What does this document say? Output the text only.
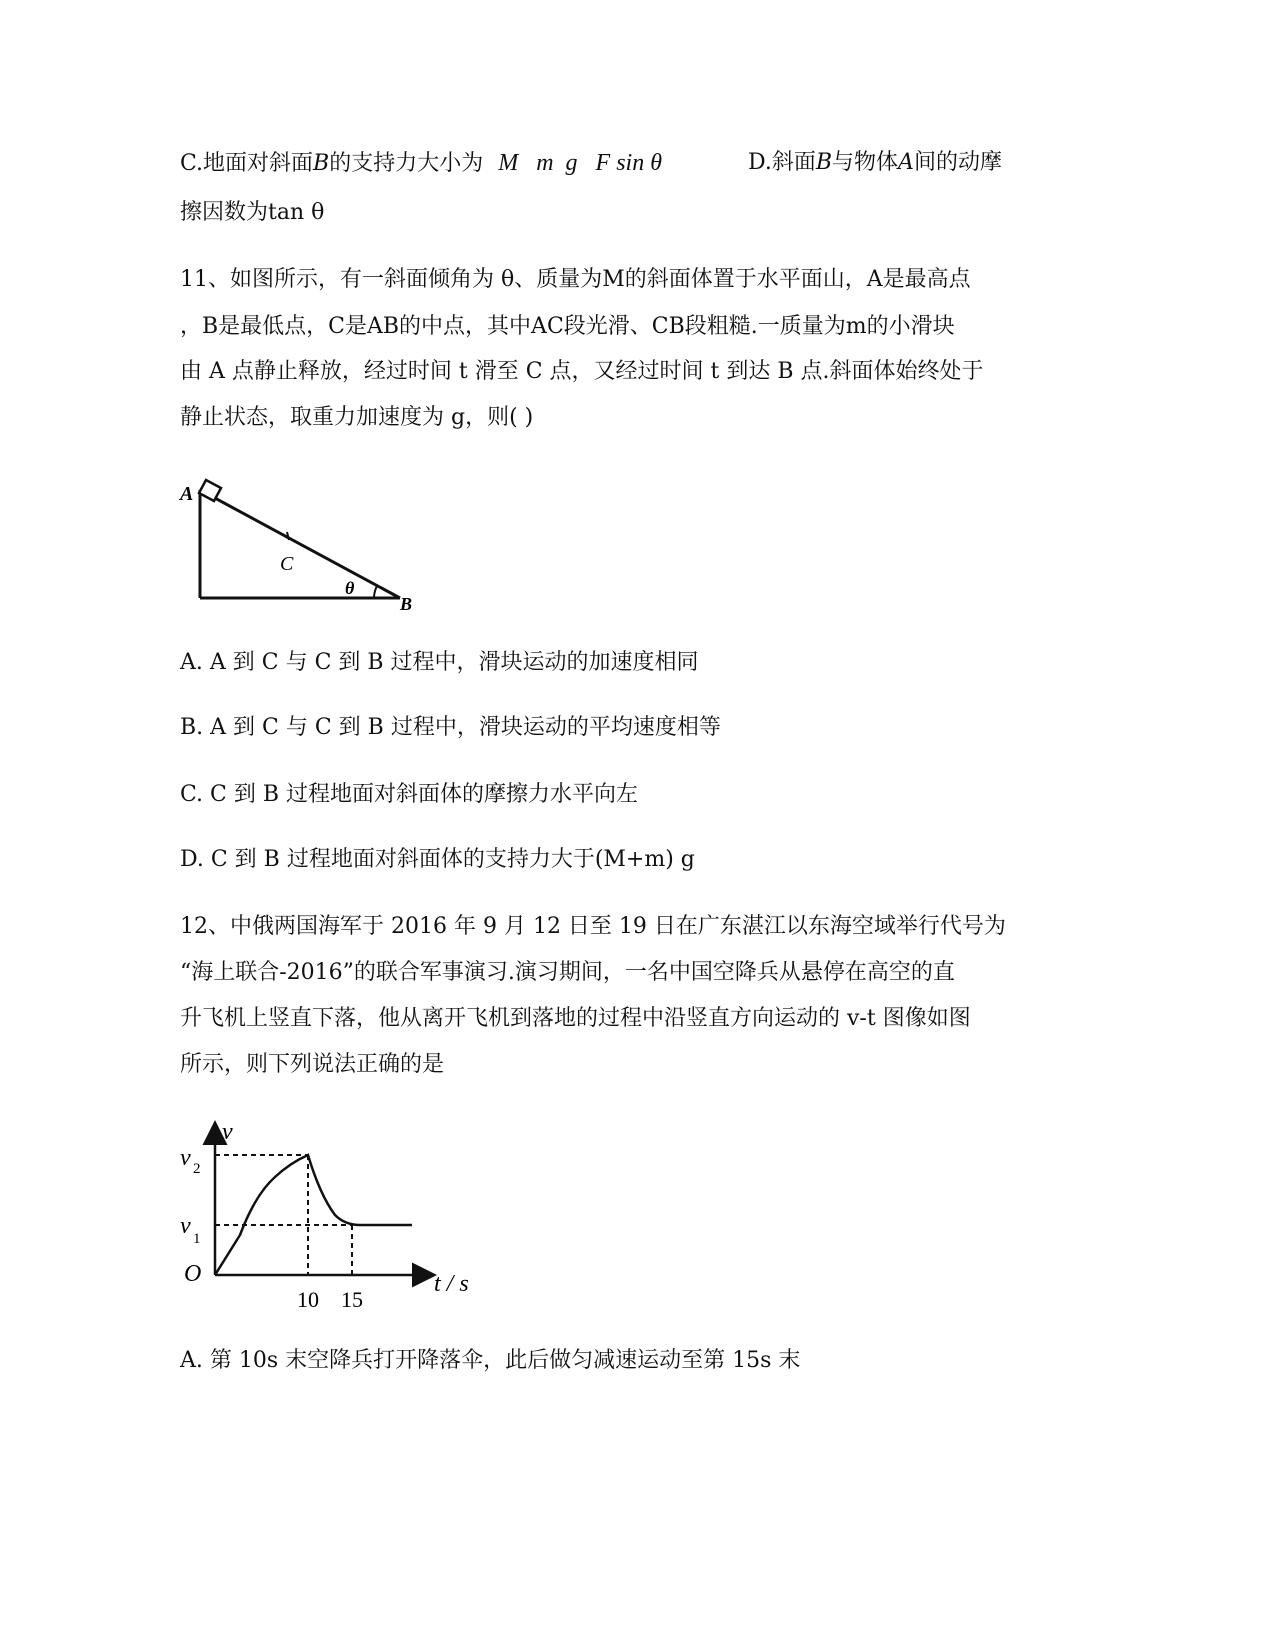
C.地面对斜面B的支持力大小为 M   m  g   F sin θ	D.斜面B与物体A间的动摩
擦因数为tan θ
11、如图所示，有一斜面倾角为 θ、质量为M的斜面体置于水平面山，A是最高点
，B是最低点，C是AB的中点，其中AC段光滑、CB段粗糙.一质量为m的小滑块
由 A 点静止释放，经过时间 t 滑至 C 点，又经过时间 t 到达 B 点.斜面体始终处于
静止状态，取重力加速度为 g，则( )
A
C
θ
B
A. A 到 C 与 C 到 B 过程中，滑块运动的加速度相同
B. A 到 C 与 C 到 B 过程中，滑块运动的平均速度相等
C. C 到 B 过程地面对斜面体的摩擦力水平向左
D. C 到 B 过程地面对斜面体的支持力大于(M+m) g
12、中俄两国海军于 2016 年 9 月 12 日至 19 日在广东湛江以东海空域举行代号为
“海上联合-2016”的联合军事演习.演习期间，一名中国空降兵从悬停在高空的直
升飞机上竖直下落，他从离开飞机到落地的过程中沿竖直方向运动的 v-t 图像如图
所示，则下列说法正确的是
v
t / s
O
v 2
v 1
10 15
A. 第 10s 末空降兵打开降落伞，此后做匀减速运动至第 15s 末
